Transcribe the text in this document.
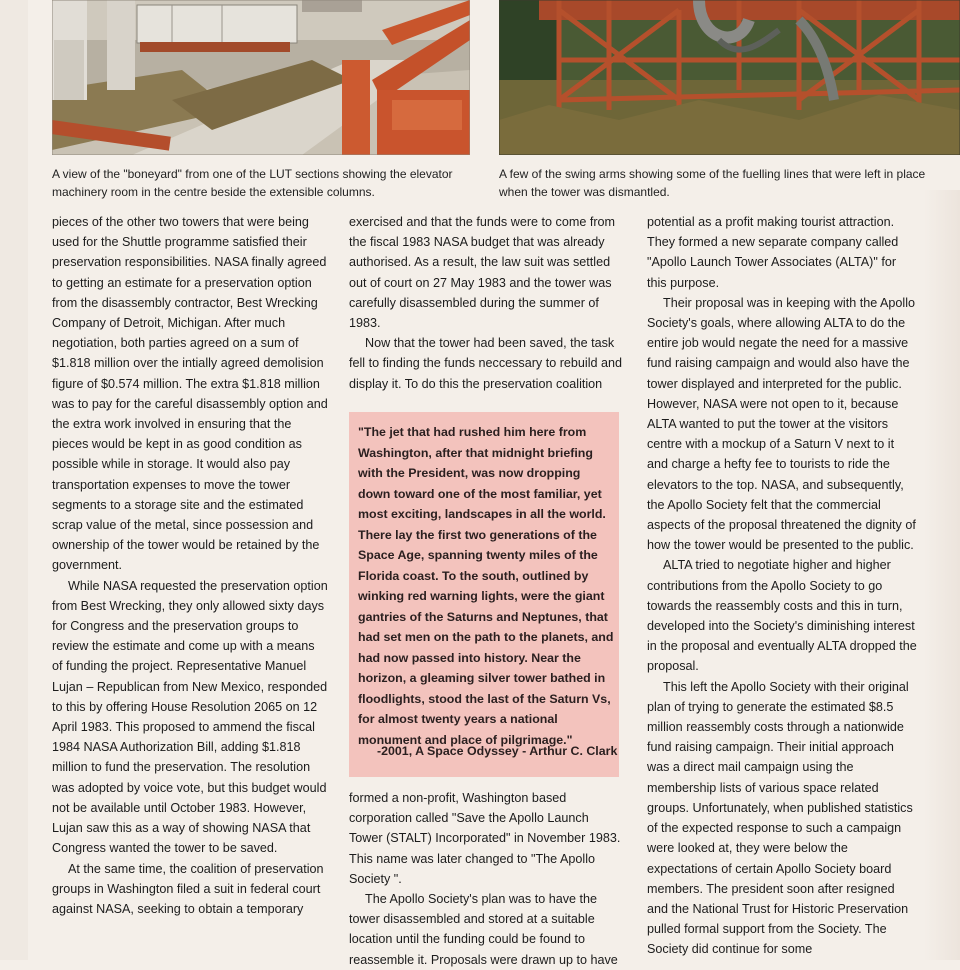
A view of the "boneyard" from one of the LUT sections showing the elevator machinery room in the centre beside the extensible columns.
A few of the swing arms showing some of the fuelling lines that were left in place when the tower was dismantled.

pieces of the other two towers that were being used for the Shuttle programme satisfied their preservation responsibilities. NASA finally agreed to getting an estimate for a preservation option from the disassembly contractor, Best Wrecking Company of Detroit, Michigan. After much negotiation, both parties agreed on a sum of $1.818 million over the intially agreed demolision figure of $0.574 million. The extra $1.818 million was to pay for the careful disassembly option and the extra work involved in ensuring that the pieces would be kept in as good condition as possible while in storage. It would also pay transportation expenses to move the tower segments to a storage site and the estimated scrap value of the metal, since possession and ownership of the tower would be retained by the government.

While NASA requested the preservation option from Best Wrecking, they only allowed sixty days for Congress and the preservation groups to review the estimate and come up with a means of funding the project. Representative Manuel Lujan – Republican from New Mexico, responded to this by offering House Resolution 2065 on 12 April 1983. This proposed to ammend the fiscal 1984 NASA Authorization Bill, adding $1.818 million to fund the preservation. The resolution was adopted by voice vote, but this budget would not be available until October 1983. However, Lujan saw this as a way of showing NASA that Congress wanted the tower to be saved.

At the same time, the coalition of preservation groups in Washington filed a suit in federal court against NASA, seeking to obtain a temporary

exercised and that the funds were to come from the fiscal 1983 NASA budget that was already authorised. As a result, the law suit was settled out of court on 27 May 1983 and the tower was carefully disassembled during the summer of 1983.

Now that the tower had been saved, the task fell to finding the funds neccessary to rebuild and display it. To do this the preservation coalition

"The jet that had rushed him here from Washington, after that midnight briefing with the President, was now dropping down toward one of the most familiar, yet most exciting, landscapes in all the world. There lay the first two generations of the Space Age, spanning twenty miles of the Florida coast. To the south, outlined by winking red warning lights, were the giant gantries of the Saturns and Neptunes, that had set men on the path to the planets, and had now passed into history. Near the horizon, a gleaming silver tower bathed in floodlights, stood the last of the Saturn Vs, for almost twenty years a national monument and place of pilgrimage."
-2001, A Space Odyssey - Arthur C. Clark

formed a non-profit, Washington based corporation called "Save the Apollo Launch Tower (STALT) Incorporated" in November 1983. This name was later changed to "The Apollo Society ".

The Apollo Society's plan was to have the tower disassembled and stored at a suitable location until the funding could be found to reassemble it. Proposals were drawn up to have

potential as a profit making tourist attraction. They formed a new separate company called "Apollo Launch Tower Associates (ALTA)" for this purpose.

Their proposal was in keeping with the Apollo Society's goals, where allowing ALTA to do the entire job would negate the need for a massive fund raising campaign and would also have the tower displayed and interpreted for the public. However, NASA were not open to it, because ALTA wanted to put the tower at the visitors centre with a mockup of a Saturn V next to it and charge a hefty fee to tourists to ride the elevators to the top. NASA, and subsequently, the Apollo Society felt that the commercial aspects of the proposal threatened the dignity of how the tower would be presented to the public.

ALTA tried to negotiate higher and higher contributions from the Apollo Society to go towards the reassembly costs and this in turn, developed into the Society's diminishing interest in the proposal and eventually ALTA dropped the proposal.

This left the Apollo Society with their original plan of trying to generate the estimated $8.5 million reassembly costs through a nationwide fund raising campaign. Their initial approach was a direct mail campaign using the membership lists of various space related groups. Unfortunately, when published statistics of the expected response to such a campaign were looked at, they were below the expectations of certain Apollo Society board members. The president soon after resigned and the National Trust for Historic Preservation pulled formal support from the Society. The Society did continue for some
